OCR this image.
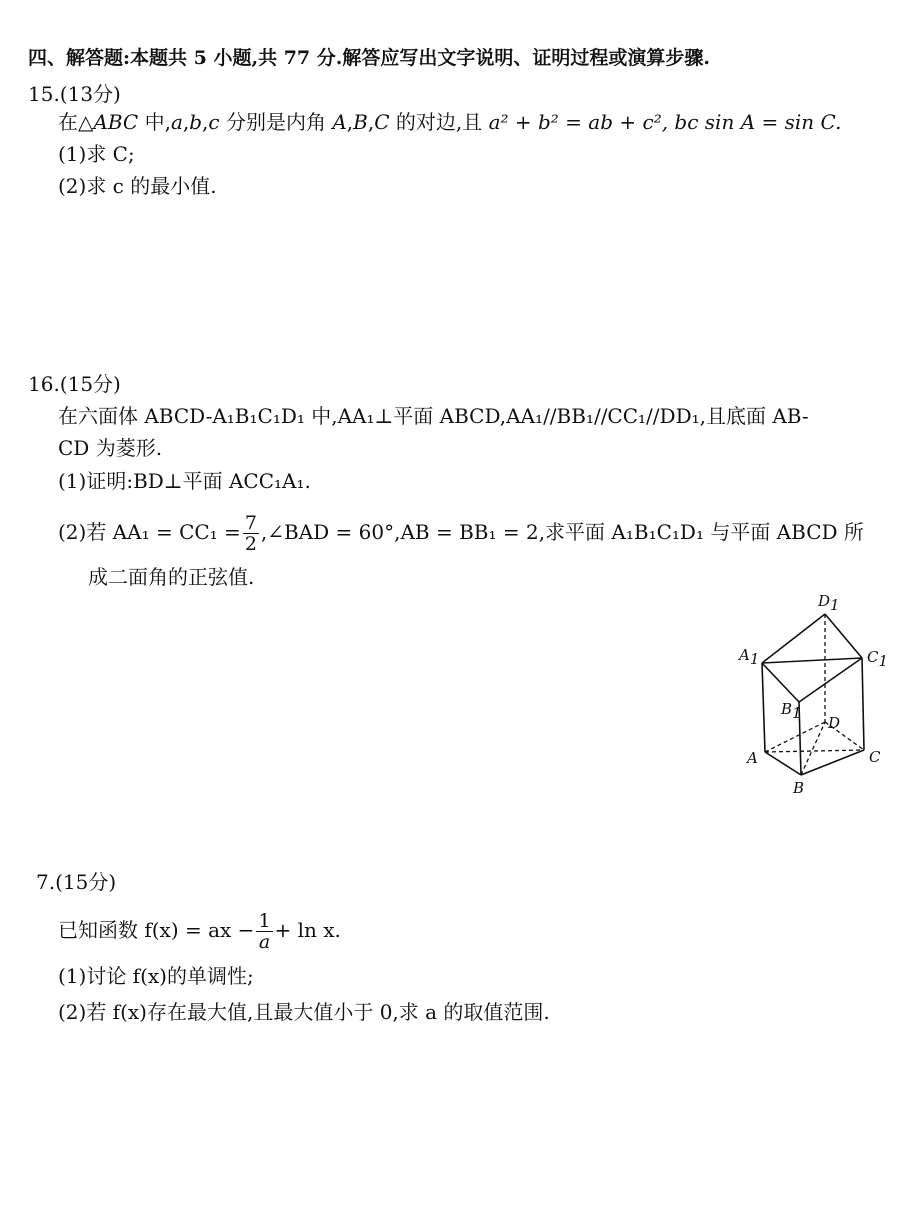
四、解答题:本题共 5 小题,共 77 分.解答应写出文字说明、证明过程或演算步骤.
15.(13分)
在△ABC 中,a,b,c 分别是内角 A,B,C 的对边,且 a² + b² = ab + c², bc sin A = sin C.
(1)求 C;
(2)求 c 的最小值.
16.(15分)
在六面体 ABCD-A₁B₁C₁D₁ 中,AA₁⊥平面 ABCD,AA₁//BB₁//CC₁//DD₁,且底面 AB-
CD 为菱形.
(1)证明:BD⊥平面 ACC₁A₁.
(2)若 $AA_1 = CC_1 = \frac{7}{2}$ ,∠BAD = 60°,AB = BB₁ = 2,求平面 A₁B₁C₁D₁ 与平面 ABCD 所
成二面角的正弦值.
D1
A1	C1
B1
D
A	C
B
7.(15分)
已知函数 f(x) = ax − $\frac{1}{a} + \ln x$.
(1)讨论 f(x)的单调性;
(2)若 f(x)存在最大值,且最大值小于 0,求 a 的取值范围.
